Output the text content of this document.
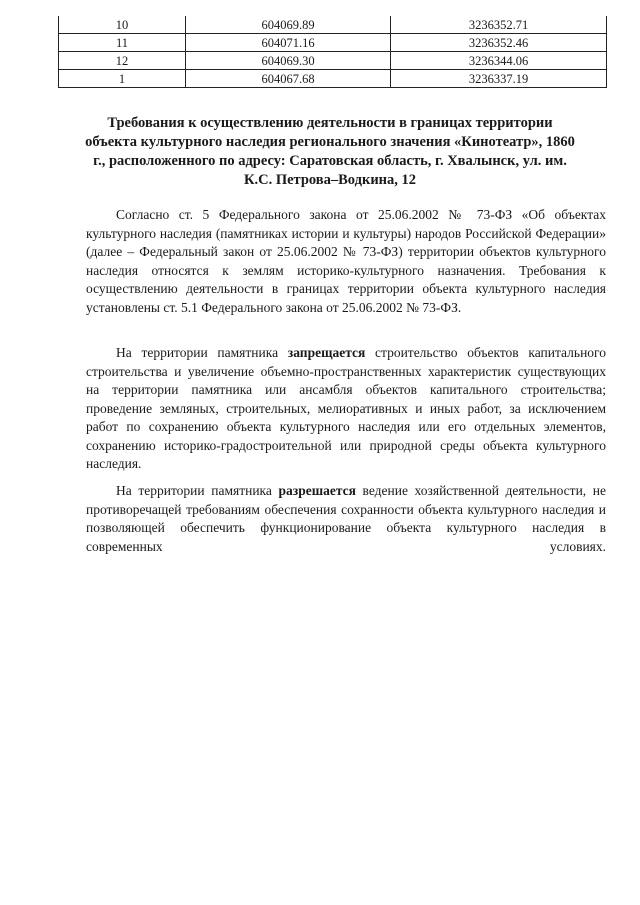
10	604069.89	3236352.71
11	604071.16	3236352.46
12	604069.30	3236344.06
1	604067.68	3236337.19
Требования к осуществлению деятельности в границах территории объекта культурного наследия регионального значения «Кинотеатр», 1860 г., расположенного по адресу: Саратовская область, г. Хвалынск, ул. им. К.С. Петрова–Водкина, 12
Согласно ст. 5 Федерального закона от 25.06.2002 № 73-ФЗ «Об объектах культурного наследия (памятниках истории и культуры) народов Российской Федерации» (далее – Федеральный закон от 25.06.2002 № 73-ФЗ) территории объектов культурного наследия относятся к землям историко-культурного назначения. Требования к осуществлению деятельности в границах территории объекта культурного наследия установлены ст. 5.1 Федерального закона от 25.06.2002 № 73-ФЗ.
На территории памятника запрещается строительство объектов капитального строительства и увеличение объемно-пространственных характеристик существующих на территории памятника или ансамбля объектов капитального строительства; проведение земляных, строительных, мелиоративных и иных работ, за исключением работ по сохранению объекта культурного наследия или его отдельных элементов, сохранению историко-градостроительной или природной среды объекта культурного наследия.
На территории памятника разрешается ведение хозяйственной деятельности, не противоречащей требованиям обеспечения сохранности объекта культурного наследия и позволяющей обеспечить функционирование объекта культурного наследия в современных условиях.
